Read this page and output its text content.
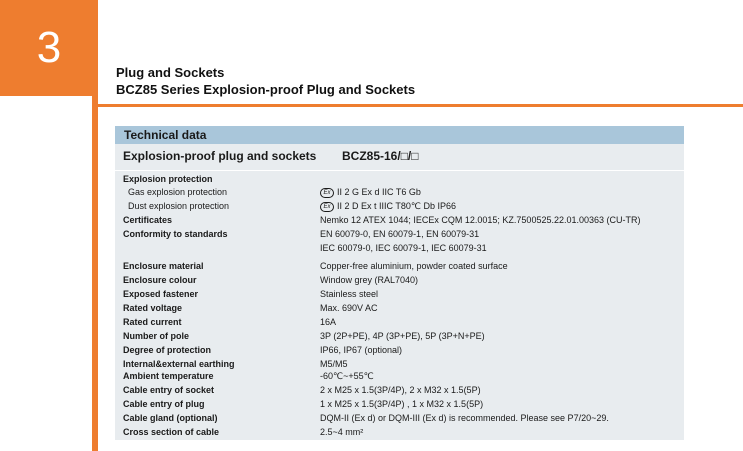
3
Plug and Sockets
BCZ85 Series Explosion-proof Plug and Sockets
Technical data
Explosion-proof plug and sockets BCZ85-16/□/□
Explosion protection
Gas explosion protection Ex	II 2 G Ex d IIC T6 Gb
Dust explosion protection Ex	II 2 D Ex t IIIC T80℃ Db IP66
Certificates	Nemko 12 ATEX 1044; IECEx CQM 12.0015; KZ.7500525.22.01.00363 (CU-TR)
Conformity to standards	EN 60079-0, EN 60079-1, EN 60079-31
IEC 60079-0, IEC 60079-1, IEC 60079-31
Enclosure material	Copper-free aluminium, powder coated surface
Enclosure colour	Window grey (RAL7040)
Exposed fastener	Stainless steel
Rated voltage	Max. 690V AC
Rated current	16A
Number of pole	3P (2P+PE), 4P (3P+PE), 5P (3P+N+PE)
Degree of protection	IP66, IP67 (optional)
Internal&external earthing	M5/M5
Ambient temperature	-60℃~+55℃
Cable entry of socket	2 x M25 x 1.5(3P/4P), 2 x M32 x 1.5(5P)
Cable entry of plug	1 x M25 x 1.5(3P/4P) , 1 x M32 x 1.5(5P)
Cable gland (optional)	DQM-II (Ex d) or DQM-III (Ex d) is recommended. Please see P7/20~29.
Cross section of cable	2.5~4 mm²
